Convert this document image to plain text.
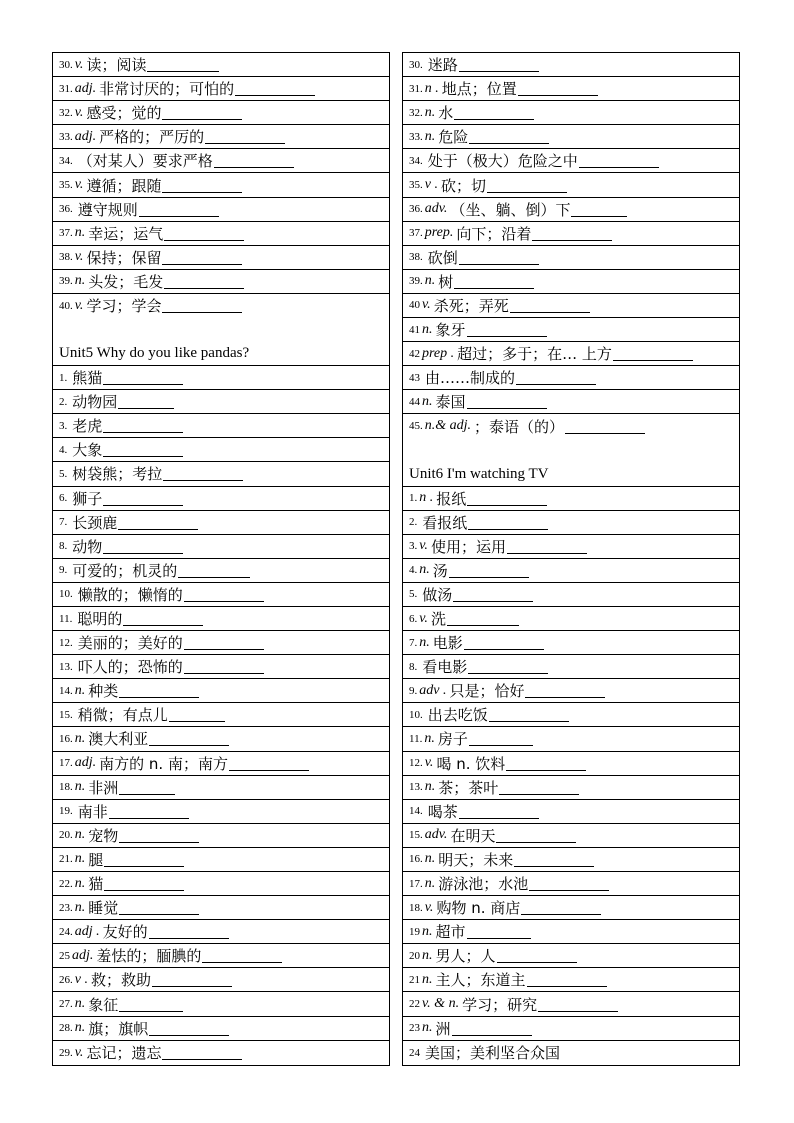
30. v. 读；阅读
31. adj. 非常讨厌的；可怕的
32. v. 感受；觉的
33. adj. 严格的；严厉的
34. （对某人）要求严格
35. v. 遵循；跟随
36. 遵守规则
37. n. 幸运；运气
38. v. 保持；保留
39. n. 头发；毛发
40. v. 学习；学会
Unit5 Why do you like pandas?
1. 熊猫
2. 动物园
3. 老虎
4. 大象
5. 树袋熊；考拉
6. 狮子
7. 长颈鹿
8. 动物
9. 可爱的；机灵的
10. 懒散的；懒惰的
11. 聪明的
12. 美丽的；美好的
13. 吓人的；恐怖的
14. n. 种类
15. 稍微；有点儿
16. n. 澳大利亚
17. adj. 南方的 n. 南；南方
18. n. 非洲
19. 南非
20. n. 宠物
21. n. 腿
22. n. 猫
23. n. 睡觉
24. adj . 友好的
25 adj. 羞怯的；腼腆的
26. v . 救；救助
27. n. 象征
28. n. 旗；旗帜
29. v. 忘记；遗忘
30. 迷路
31. n . 地点；位置
32. n. 水
33. n. 危险
34. 处于（极大）危险之中
35. v . 砍；切
36. adv. （坐、躺、倒）下
37. prep. 向下；沿着
38. 砍倒
39. n. 树
40 v. 杀死；弄死
41 n. 象牙
42 prep . 超过；多于；在… 上方
43 由……制成的
44 n. 泰国
45. n.& adj. ；泰语（的）
Unit6 I'm watching TV
1. n . 报纸
2. 看报纸
3. v. 使用；运用
4. n. 汤
5. 做汤
6. v. 洗
7. n. 电影
8. 看电影
9. adv . 只是；恰好
10. 出去吃饭
11. n. 房子
12. v. 喝 n. 饮料
13. n. 茶；茶叶
14. 喝茶
15. adv. 在明天
16. n. 明天；未来
17. n. 游泳池；水池
18. v. 购物 n. 商店
19 n. 超市
20 n. 男人；人
21 n. 主人；东道主
22 v. & n. 学习；研究
23 n. 洲
24 美国；美利坚合众国
